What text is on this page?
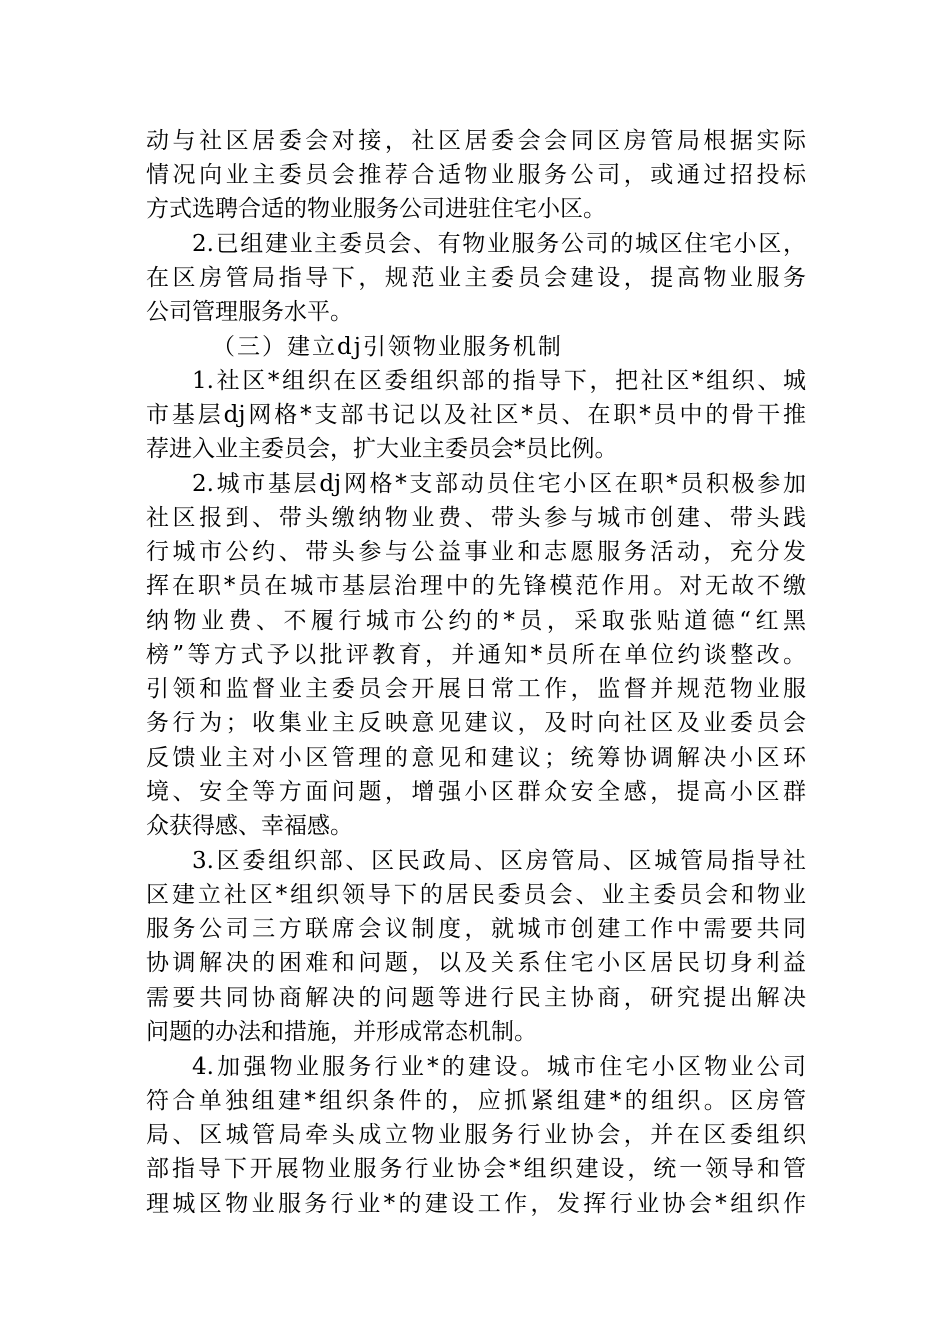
动与社区居委会对接，社区居委会会同区房管局根据实际
情况向业主委员会推荐合适物业服务公司，或通过招投标
方式选聘合适的物业服务公司进驻住宅小区。
2.已组建业主委员会、有物业服务公司的城区住宅小区，
在区房管局指导下，规范业主委员会建设，提高物业服务
公司管理服务水平。
（三）建立dj引领物业服务机制
1.社区*组织在区委组织部的指导下，把社区*组织、城
市基层dj网格*支部书记以及社区*员、在职*员中的骨干推
荐进入业主委员会，扩大业主委员会*员比例。
2.城市基层dj网格*支部动员住宅小区在职*员积极参加
社区报到、带头缴纳物业费、带头参与城市创建、带头践
行城市公约、带头参与公益事业和志愿服务活动，充分发
挥在职*员在城市基层治理中的先锋模范作用。对无故不缴
纳物业费、不履行城市公约的*员，采取张贴道德“红黑
榜”等方式予以批评教育，并通知*员所在单位约谈整改。
引领和监督业主委员会开展日常工作，监督并规范物业服
务行为；收集业主反映意见建议，及时向社区及业委员会
反馈业主对小区管理的意见和建议；统筹协调解决小区环
境、安全等方面问题，增强小区群众安全感，提高小区群
众获得感、幸福感。
3.区委组织部、区民政局、区房管局、区城管局指导社
区建立社区*组织领导下的居民委员会、业主委员会和物业
服务公司三方联席会议制度，就城市创建工作中需要共同
协调解决的困难和问题，以及关系住宅小区居民切身利益
需要共同协商解决的问题等进行民主协商，研究提出解决
问题的办法和措施，并形成常态机制。
4.加强物业服务行业*的建设。城市住宅小区物业公司
符合单独组建*组织条件的，应抓紧组建*的组织。区房管
局、区城管局牵头成立物业服务行业协会，并在区委组织
部指导下开展物业服务行业协会*组织建设，统一领导和管
理城区物业服务行业*的建设工作，发挥行业协会*组织作
